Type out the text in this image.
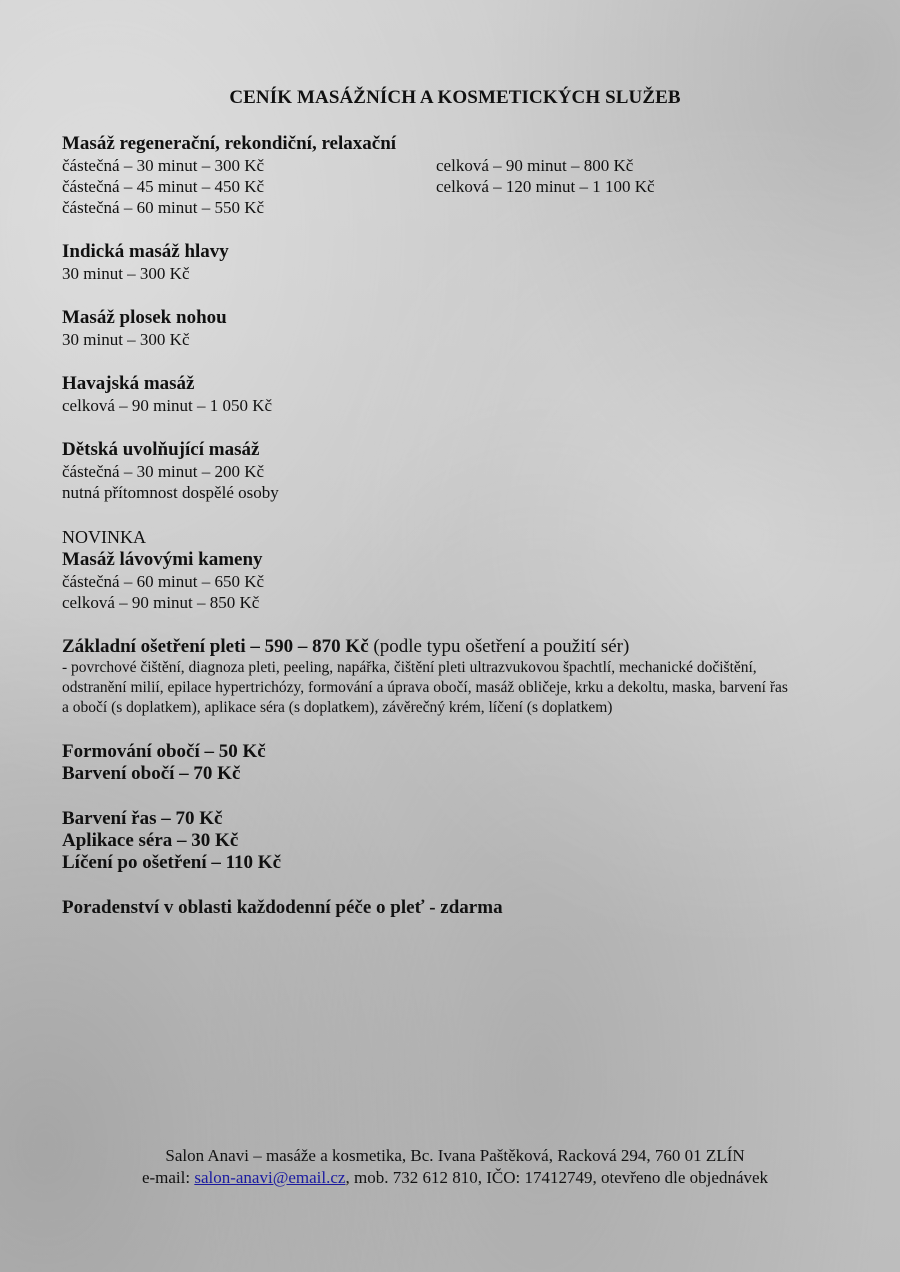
CENÍK MASÁŽNÍCH A KOSMETICKÝCH SLUŽEB
Masáž regenerační, rekondiční, relaxační
částečná – 30 minut – 300 Kč
částečná – 45 minut – 450 Kč
částečná – 60 minut – 550 Kč
celková – 90 minut – 800 Kč
celková – 120 minut – 1 100 Kč
Indická masáž hlavy
30 minut – 300 Kč
Masáž plosek nohou
30 minut – 300 Kč
Havajská masáž
celková – 90 minut – 1 050 Kč
Dětská uvolňující masáž
částečná – 30 minut – 200 Kč
nutná přítomnost dospělé osoby
NOVINKA
Masáž lávovými kameny
částečná – 60 minut – 650 Kč
celková – 90 minut – 850 Kč
Základní ošetření pleti – 590 – 870 Kč (podle typu ošetření a použití sér)
- povrchové čištění, diagnoza pleti, peeling, napářka, čištění pleti ultrazvukovou špachtlí, mechanické dočištění,
odstranění milií, epilace hypertrichózy, formování a úprava obočí, masáž obličeje, krku a dekoltu, maska, barvení řas
a obočí (s doplatkem), aplikace séra (s doplatkem), závěrečný krém, líčení (s doplatkem)
Formování obočí – 50 Kč
Barvení obočí – 70 Kč
Barvení řas – 70 Kč
Aplikace séra – 30 Kč
Líčení po ošetření – 110 Kč
Poradenství v oblasti každodenní péče o pleť - zdarma
Salon Anavi – masáže a kosmetika, Bc. Ivana Paštěková, Racková 294, 760 01 ZLÍN
e-mail: salon-anavi@email.cz, mob. 732 612 810, IČO: 17412749, otevřeno dle objednávek
